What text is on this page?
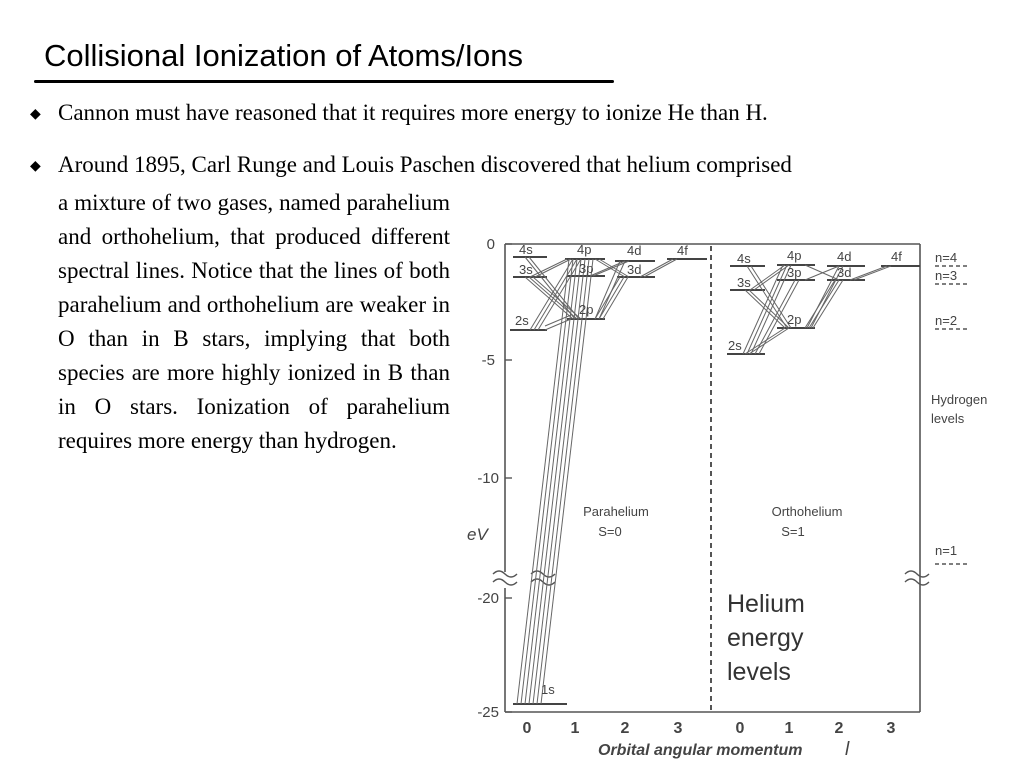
Collisional Ionization of Atoms/Ions
◆ Cannon must have reasoned that it requires more energy to ionize He than H.
◆ Around 1895, Carl Runge and Louis Paschen discovered that helium comprised
a mixture of two gases, named parahelium and orthohelium, that produced different spectral lines. Notice that the lines of both parahelium and orthohelium are weaker in O than in B stars, implying that both species are more highly ionized in B than in O stars. Ionization of parahelium requires more energy than hydrogen.
0
-5
-10
-20
-25
eV
0 1	2	3	0	1	2	3
Orbital angular momentum l
4s	4p	4d	4f
3s	3p	3d
2s
2p
1s
4s	4p	4d	4f
3s
3p	3d
2s
2p
Parahelium
S=0
Orthohelium
S=1
Helium
energy
levels
n=4
n=3
n=2
n=1
Hydrogen
levels
